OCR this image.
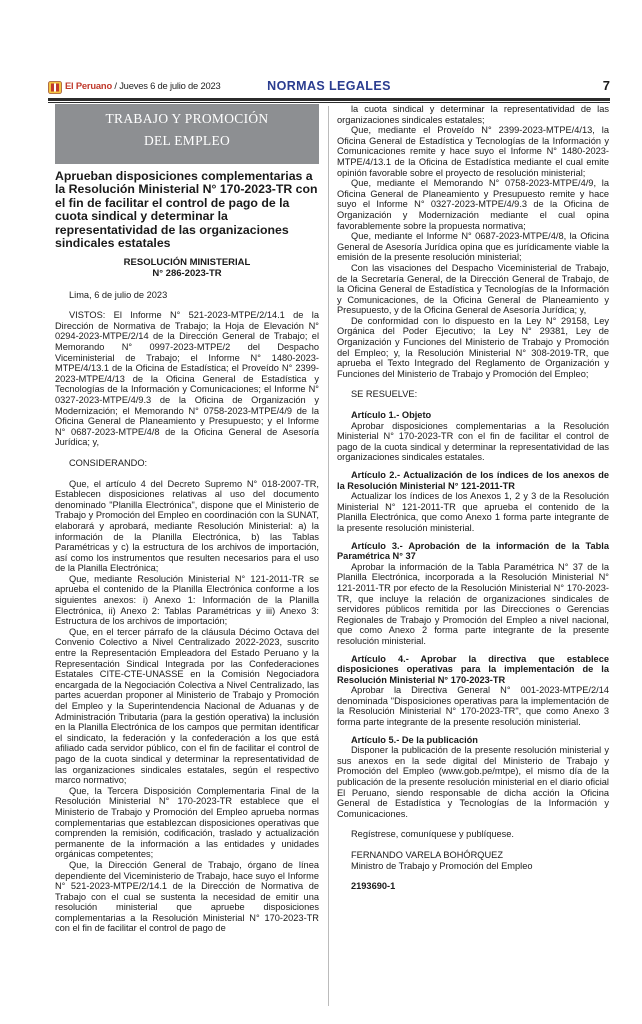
El Peruano / Jueves 6 de julio de 2023	NORMAS LEGALES	7
TRABAJO Y PROMOCIÓN
DEL EMPLEO
Aprueban disposiciones complementarias a la Resolución Ministerial N° 170-2023-TR con el fin de facilitar el control de pago de la cuota sindical y determinar la representatividad de las organizaciones sindicales estatales
RESOLUCIÓN MINISTERIAL
N° 286-2023-TR

Lima, 6 de julio de 2023

VISTOS: El Informe N° 521-2023-MTPE/2/14.1 de la Dirección de Normativa de Trabajo; la Hoja de Elevación N° 0294-2023-MTPE/2/14 de la Dirección General de Trabajo; el Memorando N° 0997-2023-MTPE/2 del Despacho Viceministerial de Trabajo; el Informe N° 1480-2023-MTPE/4/13.1 de la Oficina de Estadística; el Proveído N° 2399-2023-MTPE/4/13 de la Oficina General de Estadística y Tecnologías de la Información y Comunicaciones; el Informe N° 0327-2023-MTPE/4/9.3 de la Oficina de Organización y Modernización; el Memorando N° 0758-2023-MTPE/4/9 de la Oficina General de Planeamiento y Presupuesto; y el Informe N° 0687-2023-MTPE/4/8 de la Oficina General de Asesoría Jurídica; y,

CONSIDERANDO:

Que, el artículo 4 del Decreto Supremo N° 018-2007-TR, Establecen disposiciones relativas al uso del documento denominado "Planilla Electrónica", dispone que el Ministerio de Trabajo y Promoción del Empleo en coordinación con la SUNAT, elaborará y aprobará, mediante Resolución Ministerial: a) la información de la Planilla Electrónica, b) las Tablas Paramétricas y c) la estructura de los archivos de importación, así como los instrumentos que resulten necesarios para el uso de la Planilla Electrónica;

Que, mediante Resolución Ministerial N° 121-2011-TR se aprueba el contenido de la Planilla Electrónica conforme a los siguientes anexos: i) Anexo 1: Información de la Planilla Electrónica, ii) Anexo 2: Tablas Paramétricas y iii) Anexo 3: Estructura de los archivos de importación;

Que, en el tercer párrafo de la cláusula Décimo Octava del Convenio Colectivo a Nivel Centralizado 2022-2023, suscrito entre la Representación Empleadora del Estado Peruano y la Representación Sindical Integrada por las Confederaciones Estatales CITE-CTE-UNASSE en la Comisión Negociadora encargada de la Negociación Colectiva a Nivel Centralizado, las partes acuerdan proponer al Ministerio de Trabajo y Promoción del Empleo y la Superintendencia Nacional de Aduanas y de Administración Tributaria (para la gestión operativa) la inclusión en la Planilla Electrónica de los campos que permitan identificar el sindicato, la federación y la confederación a los que está afiliado cada servidor público, con el fin de facilitar el control de pago de la cuota sindical y determinar la representatividad de las organizaciones sindicales estatales, según el respectivo marco normativo;

Que, la Tercera Disposición Complementaria Final de la Resolución Ministerial N° 170-2023-TR establece que el Ministerio de Trabajo y Promoción del Empleo aprueba normas complementarias que establezcan disposiciones operativas que comprenden la remisión, codificación, traslado y actualización permanente de la información a las entidades y unidades orgánicas competentes;

Que, la Dirección General de Trabajo, órgano de línea dependiente del Viceministerio de Trabajo, hace suyo el Informe N° 521-2023-MTPE/2/14.1 de la Dirección de Normativa de Trabajo con el cual se sustenta la necesidad de emitir una resolución ministerial que apruebe disposiciones complementarias a la Resolución Ministerial N° 170-2023-TR con el fin de facilitar el control de pago de

la cuota sindical y determinar la representatividad de las organizaciones sindicales estatales;

Que, mediante el Proveído N° 2399-2023-MTPE/4/13, la Oficina General de Estadística y Tecnologías de la Información y Comunicaciones remite y hace suyo el Informe N° 1480-2023-MTPE/4/13.1 de la Oficina de Estadística mediante el cual emite opinión favorable sobre el proyecto de resolución ministerial;

Que, mediante el Memorando N° 0758-2023-MTPE/4/9, la Oficina General de Planeamiento y Presupuesto remite y hace suyo el Informe N° 0327-2023-MTPE/4/9.3 de la Oficina de Organización y Modernización mediante el cual opina favorablemente sobre la propuesta normativa;

Que, mediante el Informe N° 0687-2023-MTPE/4/8, la Oficina General de Asesoría Jurídica opina que es jurídicamente viable la emisión de la presente resolución ministerial;

Con las visaciones del Despacho Viceministerial de Trabajo, de la Secretaría General, de la Dirección General de Trabajo, de la Oficina General de Estadística y Tecnologías de la Información y Comunicaciones, de la Oficina General de Planeamiento y Presupuesto, y de la Oficina General de Asesoría Jurídica; y,

De conformidad con lo dispuesto en la Ley N° 29158, Ley Orgánica del Poder Ejecutivo; la Ley N° 29381, Ley de Organización y Funciones del Ministerio de Trabajo y Promoción del Empleo; y, la Resolución Ministerial N° 308-2019-TR, que aprueba el Texto Integrado del Reglamento de Organización y Funciones del Ministerio de Trabajo y Promoción del Empleo;

SE RESUELVE:

Artículo 1.- Objeto

Aprobar disposiciones complementarias a la Resolución Ministerial N° 170-2023-TR con el fin de facilitar el control de pago de la cuota sindical y determinar la representatividad de las organizaciones sindicales estatales.

Artículo 2.- Actualización de los índices de los anexos de la Resolución Ministerial N° 121-2011-TR

Actualizar los índices de los Anexos 1, 2 y 3 de la Resolución Ministerial N° 121-2011-TR que aprueba el contenido de la Planilla Electrónica, que como Anexo 1 forma parte integrante de la presente resolución ministerial.

Artículo 3.- Aprobación de la información de la Tabla Paramétrica N° 37

Aprobar la información de la Tabla Paramétrica N° 37 de la Planilla Electrónica, incorporada a la Resolución Ministerial N° 121-2011-TR por efecto de la Resolución Ministerial N° 170-2023-TR, que incluye la relación de organizaciones sindicales de servidores públicos remitida por las Direcciones o Gerencias Regionales de Trabajo y Promoción del Empleo a nivel nacional, que como Anexo 2 forma parte integrante de la presente resolución ministerial.

Artículo 4.- Aprobar la directiva que establece disposiciones operativas para la implementación de la Resolución Ministerial N° 170-2023-TR

Aprobar la Directiva General N° 001-2023-MTPE/2/14 denominada "Disposiciones operativas para la implementación de la Resolución Ministerial N° 170-2023-TR", que como Anexo 3 forma parte integrante de la presente resolución ministerial.

Artículo 5.- De la publicación

Disponer la publicación de la presente resolución ministerial y sus anexos en la sede digital del Ministerio de Trabajo y Promoción del Empleo (www.gob.pe/mtpe), el mismo día de la publicación de la presente resolución ministerial en el diario oficial El Peruano, siendo responsable de dicha acción la Oficina General de Estadística y Tecnologías de la Información y Comunicaciones.

Regístrese, comuníquese y publíquese.

FERNANDO VARELA BOHÓRQUEZ
Ministro de Trabajo y Promoción del Empleo
2193690-1
